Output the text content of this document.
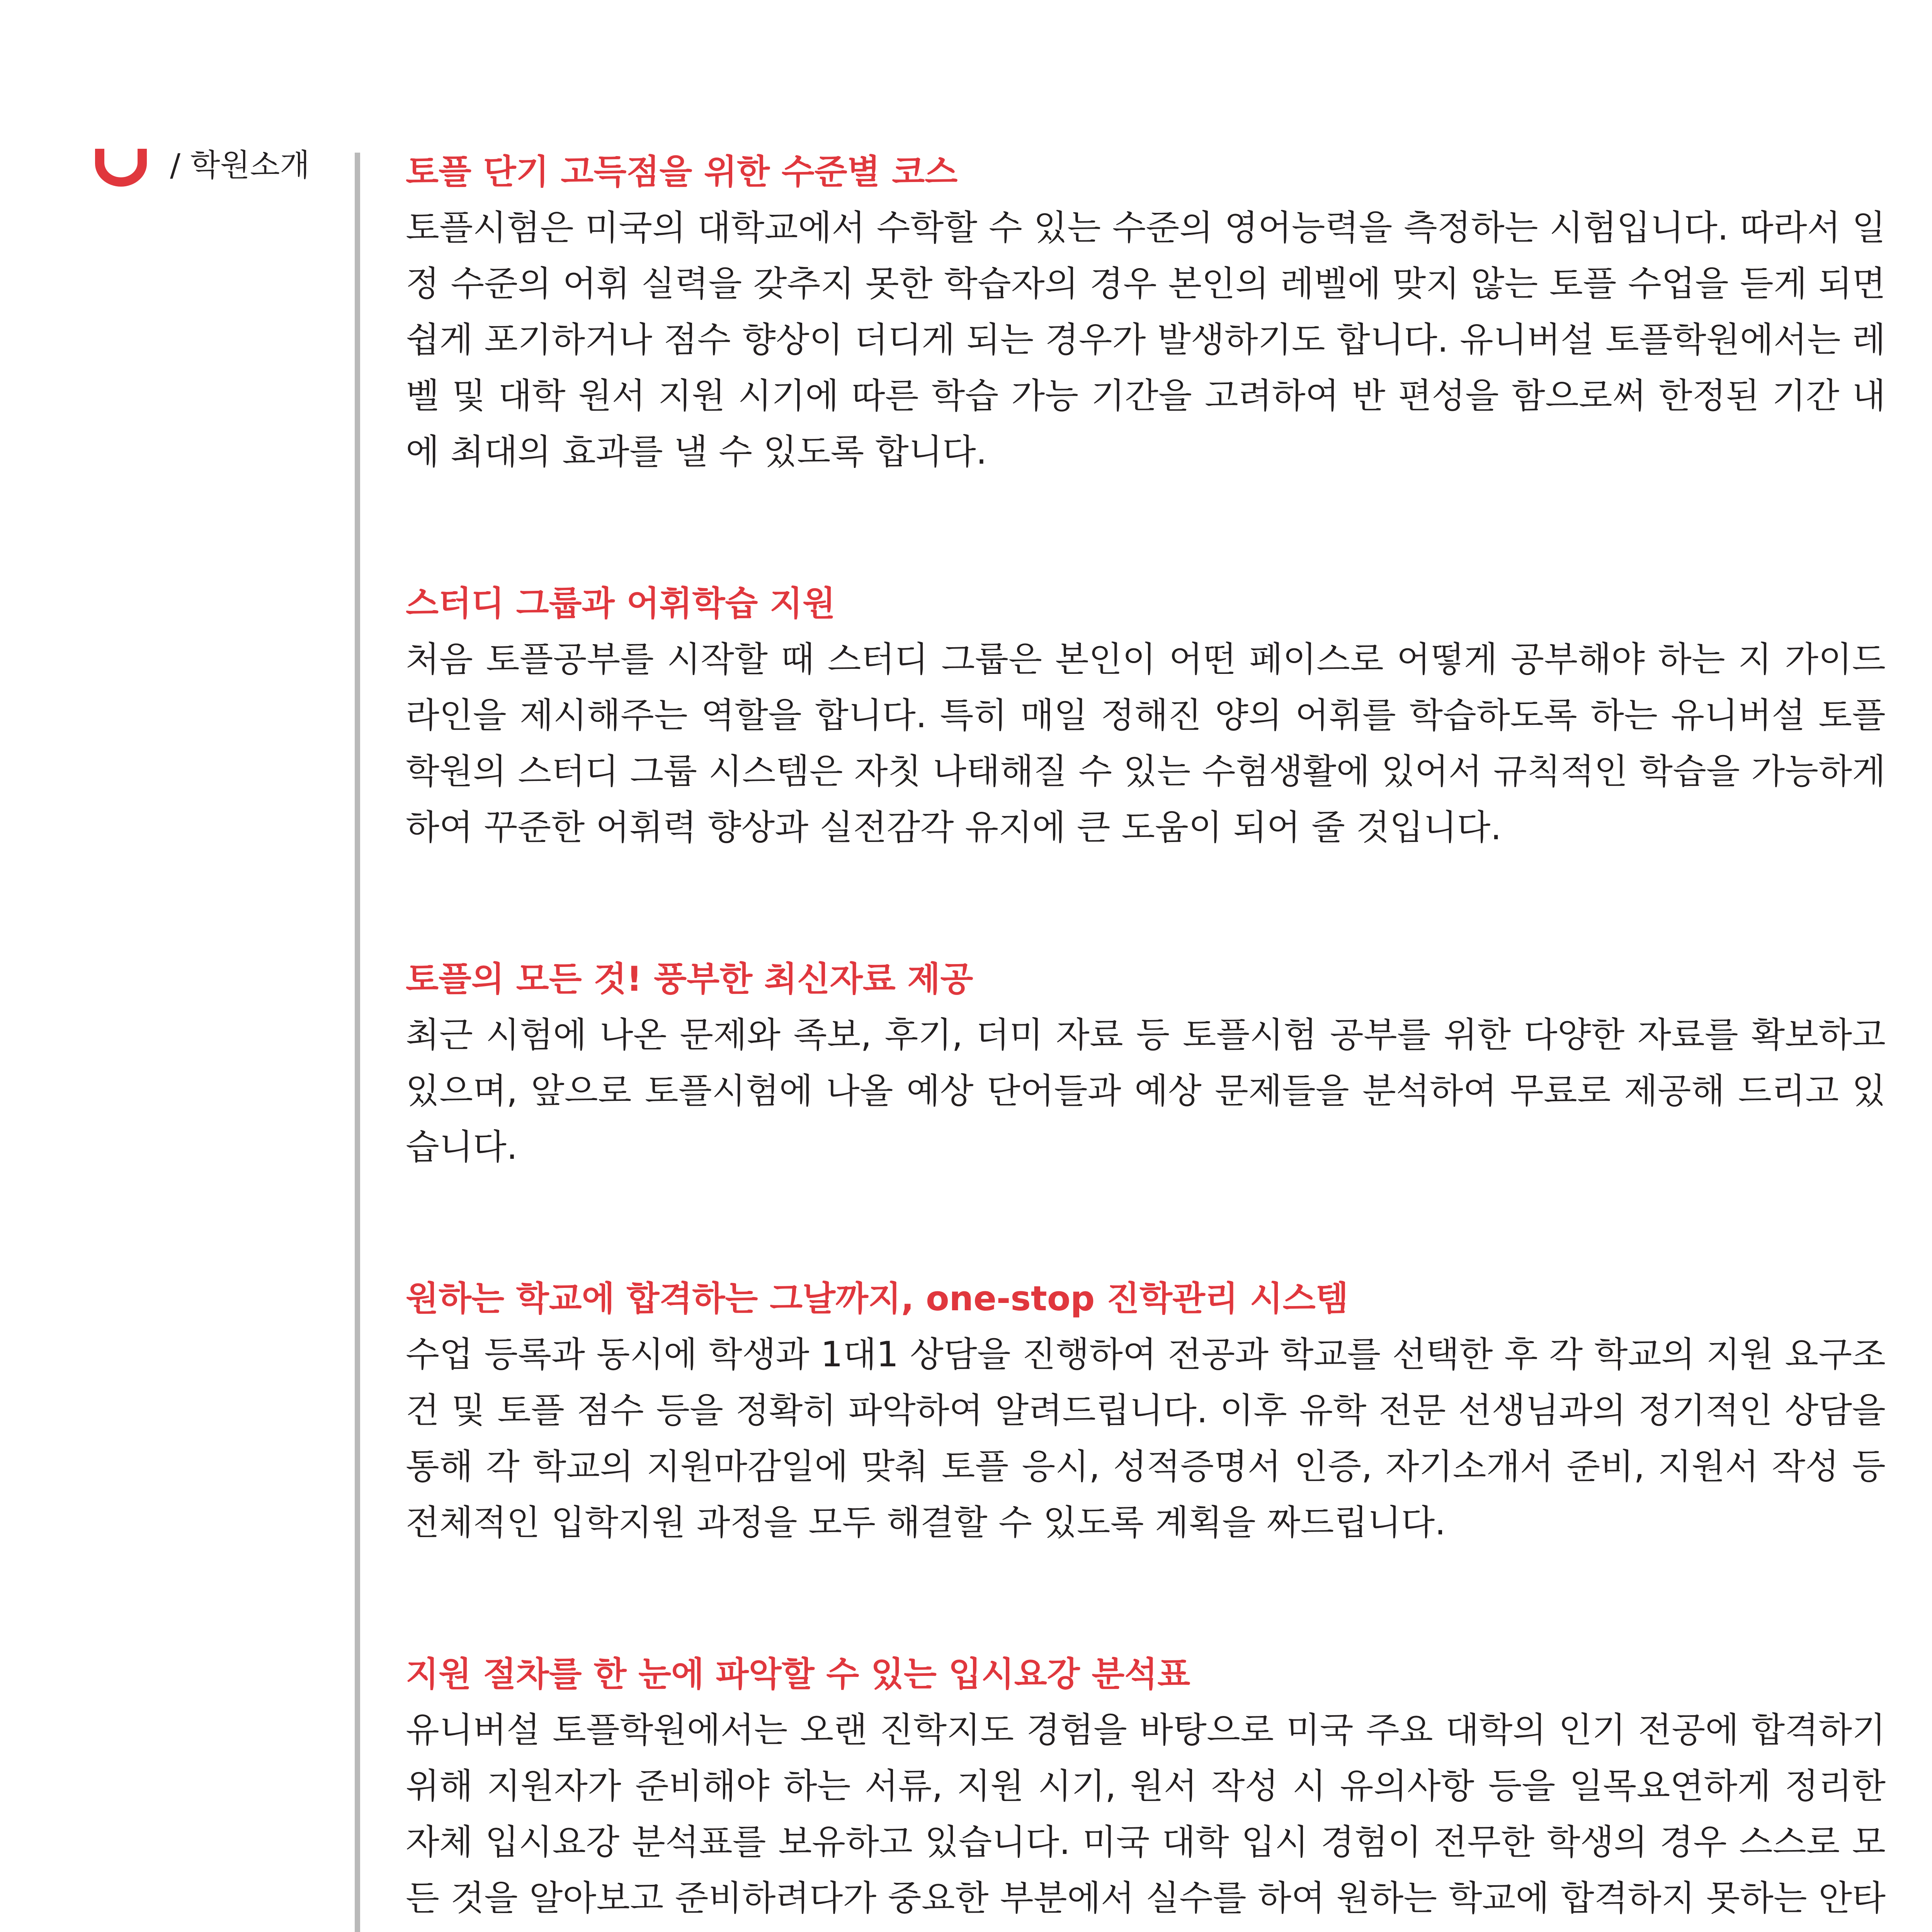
/ 학원소개	토플 단기 고득점을 위한 수준별 코스

토플시험은 미국의 대학교에서 수학할 수 있는 수준의 영어능력을 측정하는 시험입니다. 따라서 일정 수준의 어휘 실력을 갖추지 못한 학습자의 경우 본인의 레벨에 맞지 않는 토플 수업을 듣게 되면 쉽게 포기하거나 점수 향상이 더디게 되는 경우가 발생하기도 합니다. 유니버설 토플학원에서는 레벨 및 대학 원서 지원 시기에 따른 학습 가능 기간을 고려하여 반 편성을 함으로써 한정된 기간 내에 최대의 효과를 낼 수 있도록 합니다.

스터디 그룹과 어휘학습 지원

처음 토플공부를 시작할 때 스터디 그룹은 본인이 어떤 페이스로 어떻게 공부해야 하는 지 가이드라인을 제시해주는 역할을 합니다. 특히 매일 정해진 양의 어휘를 학습하도록 하는 유니버설 토플학원의 스터디 그룹 시스템은 자칫 나태해질 수 있는 수험생활에 있어서 규칙적인 학습을 가능하게 하여 꾸준한 어휘력 향상과 실전감각 유지에 큰 도움이 되어 줄 것입니다.

토플의 모든 것! 풍부한 최신자료 제공

최근 시험에 나온 문제와 족보, 후기, 더미 자료 등 토플시험 공부를 위한 다양한 자료를 확보하고 있으며, 앞으로 토플시험에 나올 예상 단어들과 예상 문제들을 분석하여 무료로 제공해 드리고 있습니다.

원하는 학교에 합격하는 그날까지, one-stop 진학관리 시스템

수업 등록과 동시에 학생과 1대1 상담을 진행하여 전공과 학교를 선택한 후 각 학교의 지원 요구조건 및 토플 점수 등을 정확히 파악하여 알려드립니다. 이후 유학 전문 선생님과의 정기적인 상담을 통해 각 학교의 지원마감일에 맞춰 토플 응시, 성적증명서 인증, 자기소개서 준비, 지원서 작성 등 전체적인 입학지원 과정을 모두 해결할 수 있도록 계획을 짜드립니다.

지원 절차를 한 눈에 파악할 수 있는 입시요강 분석표

유니버설 토플학원에서는 오랜 진학지도 경험을 바탕으로 미국 주요 대학의 인기 전공에 합격하기 위해 지원자가 준비해야 하는 서류, 지원 시기, 원서 작성 시 유의사항 등을 일목요연하게 정리한 자체 입시요강 분석표를 보유하고 있습니다. 미국 대학 입시 경험이 전무한 학생의 경우 스스로 모든 것을 알아보고 준비하려다가 중요한 부분에서 실수를 하여 원하는 학교에 합격하지 못하는 안타
